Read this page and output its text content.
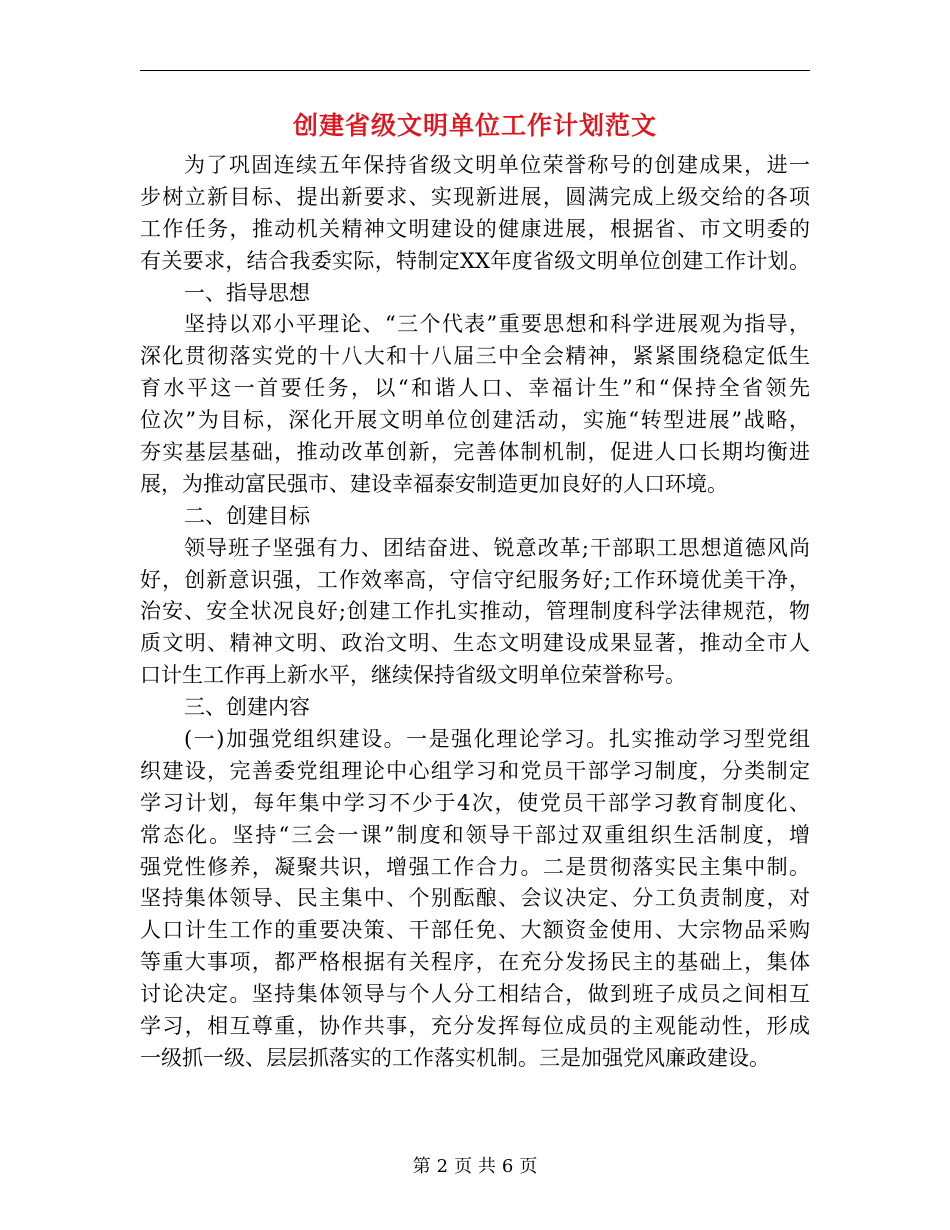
创建省级文明单位工作计划范文
为了巩固连续五年保持省级文明单位荣誉称号的创建成果，进一
步树立新目标、提出新要求、实现新进展，圆满完成上级交给的各项
工作任务，推动机关精神文明建设的健康进展，根据省、市文明委的
有关要求，结合我委实际，特制定XX年度省级文明单位创建工作计划。
一、指导思想
坚持以邓小平理论、“三个代表”重要思想和科学进展观为指导，
深化贯彻落实党的十八大和十八届三中全会精神，紧紧围绕稳定低生
育水平这一首要任务，以“和谐人口、幸福计生”和“保持全省领先
位次”为目标，深化开展文明单位创建活动，实施“转型进展”战略，
夯实基层基础，推动改革创新，完善体制机制，促进人口长期均衡进
展，为推动富民强市、建设幸福泰安制造更加良好的人口环境。
二、创建目标
领导班子坚强有力、团结奋进、锐意改革;干部职工思想道德风尚
好，创新意识强，工作效率高，守信守纪服务好;工作环境优美干净，
治安、安全状况良好;创建工作扎实推动，管理制度科学法律规范，物
质文明、精神文明、政治文明、生态文明建设成果显著，推动全市人
口计生工作再上新水平，继续保持省级文明单位荣誉称号。
三、创建内容
(一)加强党组织建设。一是强化理论学习。扎实推动学习型党组
织建设，完善委党组理论中心组学习和党员干部学习制度，分类制定
学习计划，每年集中学习不少于4次，使党员干部学习教育制度化、
常态化。坚持“三会一课”制度和领导干部过双重组织生活制度，增
强党性修养，凝聚共识，增强工作合力。二是贯彻落实民主集中制。
坚持集体领导、民主集中、个别酝酿、会议决定、分工负责制度，对
人口计生工作的重要决策、干部任免、大额资金使用、大宗物品采购
等重大事项，都严格根据有关程序，在充分发扬民主的基础上，集体
讨论决定。坚持集体领导与个人分工相结合，做到班子成员之间相互
学习，相互尊重，协作共事，充分发挥每位成员的主观能动性，形成
一级抓一级、层层抓落实的工作落实机制。三是加强党风廉政建设。
第 2 页 共 6 页
